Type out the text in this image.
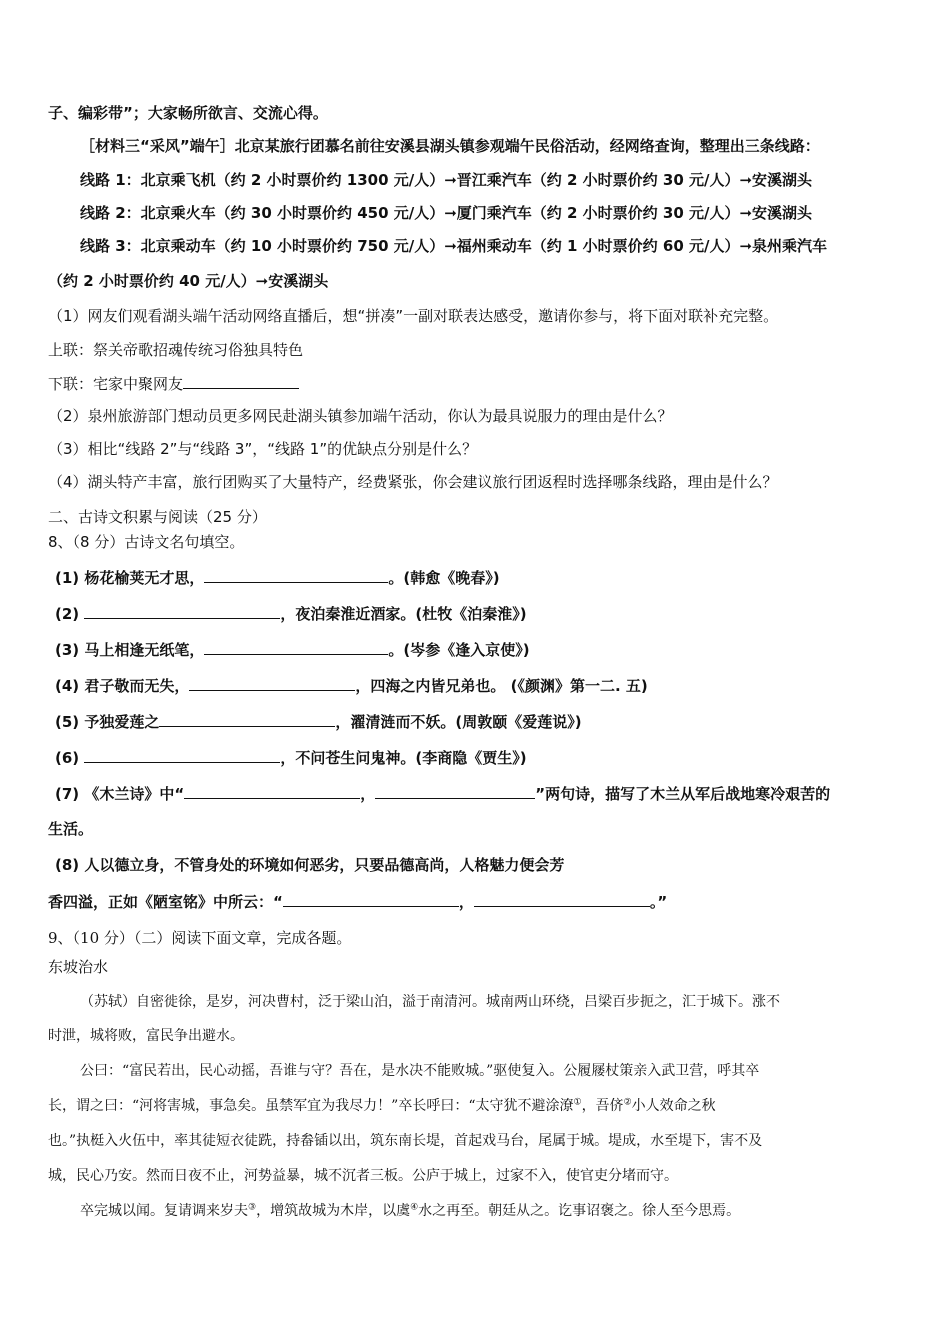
子、编彩带”；大家畅所欲言、交流心得。
［材料三“采风”端午］北京某旅行团慕名前往安溪县湖头镇参观端午民俗活动，经网络查询，整理出三条线路：
线路 1：北京乘飞机（约 2 小时票价约 1300 元/人）➞晋江乘汽车（约 2 小时票价约 30 元/人）➞安溪湖头
线路 2：北京乘火车（约 30 小时票价约 450 元/人）➞厦门乘汽车（约 2 小时票价约 30 元/人）➞安溪湖头
线路 3：北京乘动车（约 10 小时票价约 750 元/人）➞福州乘动车（约 1 小时票价约 60 元/人）➞泉州乘汽车
（约 2 小时票价约 40 元/人）➞安溪湖头
（1）网友们观看湖头端午活动网络直播后，想“拼凑”一副对联表达感受，邀请你参与，将下面对联补充完整。
上联：祭关帝歌招魂传统习俗独具特色
下联：宅家中聚网友
（2）泉州旅游部门想动员更多网民赴湖头镇参加端午活动，你认为最具说服力的理由是什么？
（3）相比“线路 2”与“线路 3”，“线路 1”的优缺点分别是什么？
（4）湖头特产丰富，旅行团购买了大量特产，经费紧张，你会建议旅行团返程时选择哪条线路，理由是什么？
二、古诗文积累与阅读（25 分）
8、（8 分）古诗文名句填空。
(1) 杨花榆荚无才思，	。(韩愈《晚春》)
(2)	，夜泊秦淮近酒家。(杜牧《泊秦淮》)
(3) 马上相逢无纸笔，	。(岑参《逢入京使》)
(4) 君子敬而无失，	，四海之内皆兄弟也。 (《颜渊》第一二. 五)
(5) 予独爱莲之	，濯清涟而不妖。(周敦颐《爱莲说》)
(6)	，不问苍生问鬼神。(李商隐《贾生》)
(7) 《木兰诗》中“	，	”两句诗，描写了木兰从军后战地寒冷艰苦的
生活。
(8) 人以德立身，不管身处的环境如何恶劣，只要品德高尚，人格魅力便会芳
香四溢，正如《陋室铭》中所云：“	，	。”
9、（10 分）（二）阅读下面文章，完成各题。
东坡治水
（苏轼）自密徙徐，是岁，河决曹村，泛于梁山泊，溢于南清河。城南两山环绕，吕梁百步扼之，汇于城下。涨不
时泄，城将败，富民争出避水。
公曰：“富民若出，民心动摇，吾谁与守？吾在，是水决不能败城。”驱使复入。公履屦杖策亲入武卫营，呼其卒
长，谓之曰：“河将害城，事急矣。虽禁军宜为我尽力！”卒长呼曰：“太守犹不避涂潦①，吾侪②小人效命之秋
也。”执梃入火伍中，率其徒短衣徒跣，持畚锸以出，筑东南长堤，首起戏马台，尾属于城。堤成，水至堤下，害不及
城，民心乃安。然而日夜不止，河势益暴，城不沉者三板。公庐于城上，过家不入，使官吏分堵而守。
卒完城以闻。复请调来岁夫③，增筑故城为木岸，以虞④水之再至。朝廷从之。讫事诏褒之。徐人至今思焉。
